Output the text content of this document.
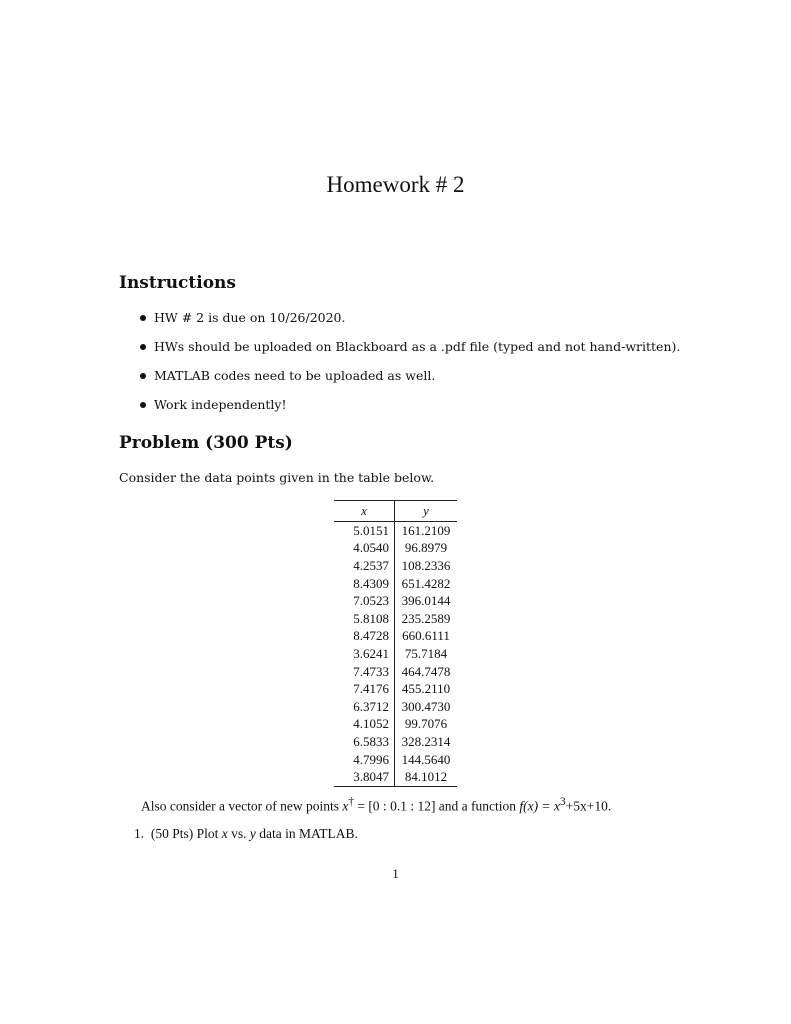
Homework # 2
Instructions
HW # 2 is due on 10/26/2020.
HWs should be uploaded on Blackboard as a .pdf file (typed and not hand-written).
MATLAB codes need to be uploaded as well.
Work independently!
Problem (300 Pts)

Consider the data points given in the table below.

x	y
5.0151	161.2109
4.0540	96.8979
4.2537	108.2336
8.4309	651.4282
7.0523	396.0144
5.8108	235.2589
8.4728	660.6111
3.6241	75.7184
7.4733	464.7478
7.4176	455.2110
6.3712	300.4730
4.1052	99.7076
6.5833	328.2314
4.7996	144.5640
3.8047	84.1012

Also consider a vector of new points x† = [0 : 0.1 : 12] and a function $f(x) = x^3+5x+10$.

1. (50 Pts) Plot x vs. y data in MATLAB.

1
